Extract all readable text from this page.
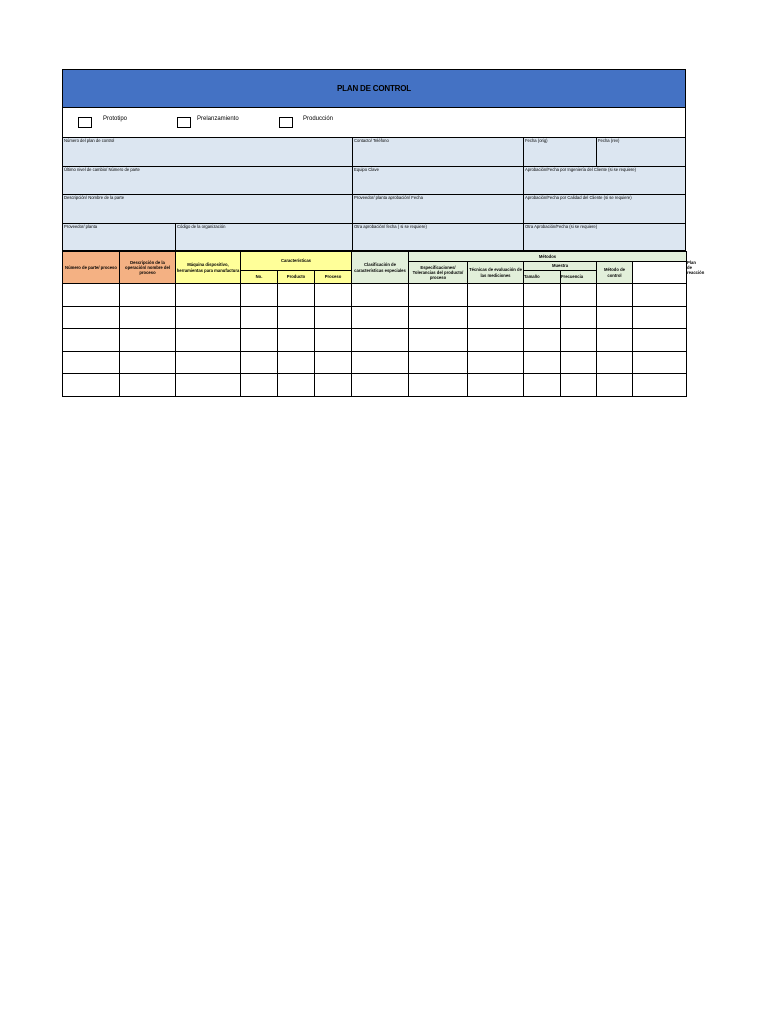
PLAN DE CONTROL
Prototipo	Prelanzamiento	Producción
Número del plan de control	Contacto/ Teléfono	Fecha (orig)	Fecha (rev)
Último nivel de cambio/ Número de parte	Equipo Clave	Aprobación/Fecha por Ingeniería del Cliente (si se requiere)
Descripción/ Nombre de la parte	Proveedor/ planta aprobación/ Fecha	Aprobación/Fecha por Calidad del Cliente (si se requiere)
Proveedor/ planta	Código de la organización	Otra aprobación/ fecha ( si se requiere)	Otra Aprobación/Fecha (si se requiere)
Número de parte/ proceso	Descripción de la operación/ nombre del proceso	Máquina dispositivo, herramientas para manufactura	Características			Clasificación de características especiales	Métodos						Plan de reacción
							Especificaciones/ Tolerancias del producto/ proceso	Técnicas de evaluación de las mediciones	Muestra		Método de control		
			No.	Producto	Proceso				Tamaño	Frecuencia			
